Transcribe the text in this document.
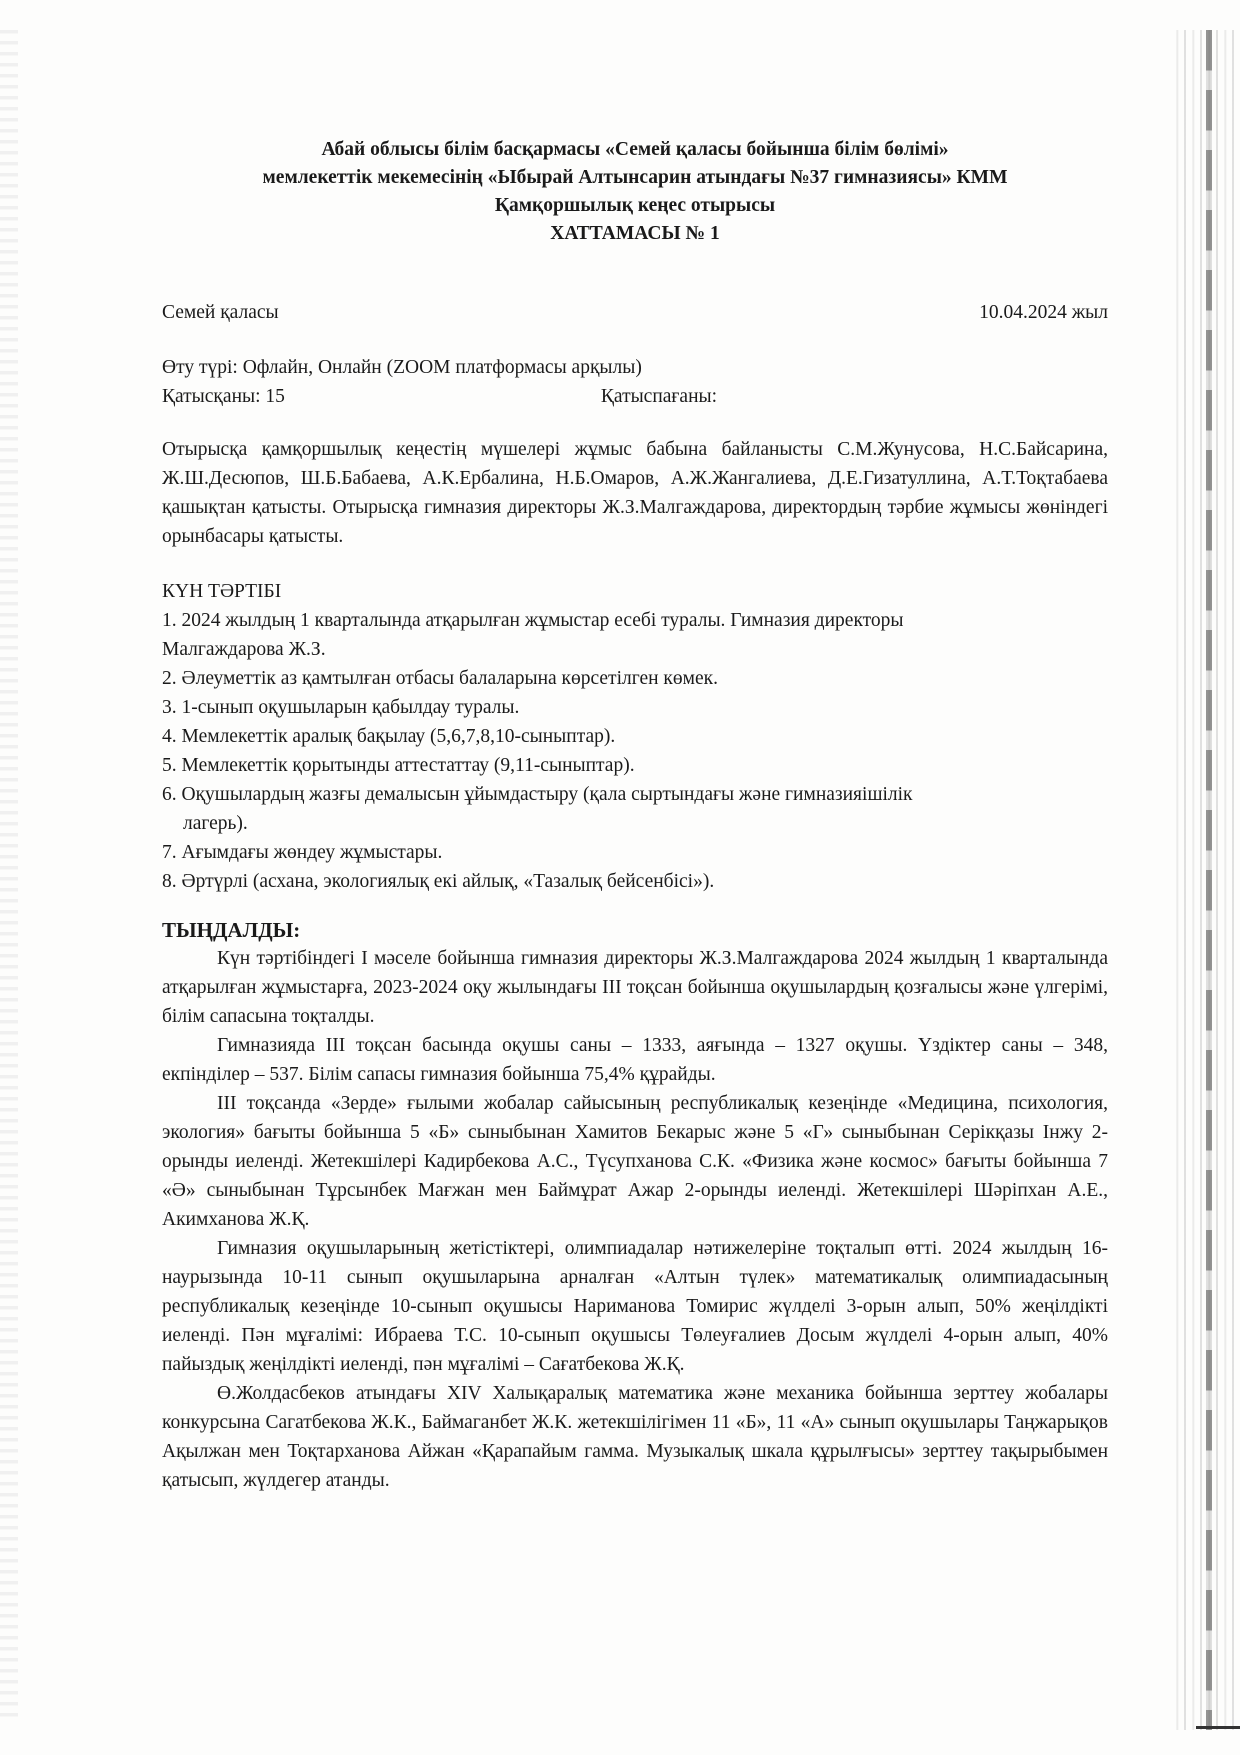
Абай облысы білім басқармасы «Семей қаласы бойынша білім бөлімі»
мемлекеттік мекемесінің «Ыбырай Алтынсарин атындағы №37 гимназиясы» КММ
Қамқоршылық кеңес отырысы
ХАТТАМАСЫ № 1
Семей қаласы	10.04.2024 жыл
Өту түрі: Офлайн, Онлайн (ZOOM платформасы арқылы)
Қатысқаны: 15	Қатыспағаны:
Отырысқа қамқоршылық кеңестің мүшелері жұмыс бабына байланысты С.М.Жунусова, Н.С.Байсарина, Ж.Ш.Десюпов, Ш.Б.Бабаева, А.К.Ербалина, Н.Б.Омаров, А.Ж.Жангалиева, Д.Е.Гизатуллина, А.Т.Тоқтабаева қашықтан қатысты. Отырысқа гимназия директоры Ж.З.Малгаждарова, директордың тәрбие жұмысы жөніндегі орынбасары қатысты.
КҮН ТӘРТІБІ
1. 2024 жылдың 1 кварталында атқарылған жұмыстар есебі туралы. Гимназия директоры
Малгаждарова Ж.З.
2. Әлеуметтік аз қамтылған отбасы балаларына көрсетілген көмек.
3. 1-сынып оқушыларын қабылдау туралы.
4. Мемлекеттік аралық бақылау (5,6,7,8,10-сыныптар).
5. Мемлекеттік қорытынды аттестаттау (9,11-сыныптар).
6. Оқушылардың жазғы демалысын ұйымдастыру (қала сыртындағы және гимназияішілік
лагерь).
7. Ағымдағы жөндеу жұмыстары.
8. Әртүрлі (асхана, экологиялық екі айлық, «Тазалық бейсенбісі»).
ТЫҢДАЛДЫ:
Күн тәртібіндегі І мәселе бойынша гимназия директоры Ж.З.Малгаждарова 2024 жылдың 1 кварталында атқарылған жұмыстарға, 2023-2024 оқу жылындағы ІІІ тоқсан бойынша оқушылардың қозғалысы және үлгерімі, білім сапасына тоқталды.
Гимназияда ІІІ тоқсан басында оқушы саны – 1333, аяғында – 1327 оқушы. Үздіктер саны – 348, екпінділер – 537. Білім сапасы гимназия бойынша 75,4% құрайды.
ІІІ тоқсанда «Зерде» ғылыми жобалар сайысының республикалық кезеңінде «Медицина, психология, экология» бағыты бойынша 5 «Б» сыныбынан Хамитов Бекарыс және 5 «Г» сыныбынан Серікқазы Інжу 2-орынды иеленді. Жетекшілері Кадирбекова А.С., Түсупханова С.К. «Физика және космос» бағыты бойынша 7 «Ә» сыныбынан Тұрсынбек Мағжан мен Баймұрат Ажар 2-орынды иеленді. Жетекшілері Шәріпхан А.Е., Акимханова Ж.Қ.
Гимназия оқушыларының жетістіктері, олимпиадалар нәтижелеріне тоқталып өтті. 2024 жылдың 16-наурызында 10-11 сынып оқушыларына арналған «Алтын түлек» математикалық олимпиадасының республикалық кезеңінде 10-сынып оқушысы Нариманова Томирис жүлделі 3-орын алып, 50% жеңілдікті иеленді. Пән мұғалімі: Ибраева Т.С. 10-сынып оқушысы Төлеуғалиев Досым жүлделі 4-орын алып, 40% пайыздық жеңілдікті иеленді, пән мұғалімі – Сағатбекова Ж.Қ.
Ө.Жолдасбеков атындағы XIV Халықаралық математика және механика бойынша зерттеу жобалары конкурсына Сагатбекова Ж.К., Баймаганбет Ж.К. жетекшілігімен 11 «Б», 11 «А» сынып оқушылары Таңжарықов Ақылжан мен Тоқтарханова Айжан «Қарапайым гамма. Музыкалық шкала құрылғысы» зерттеу тақырыбымен қатысып, жүлдегер атанды.
